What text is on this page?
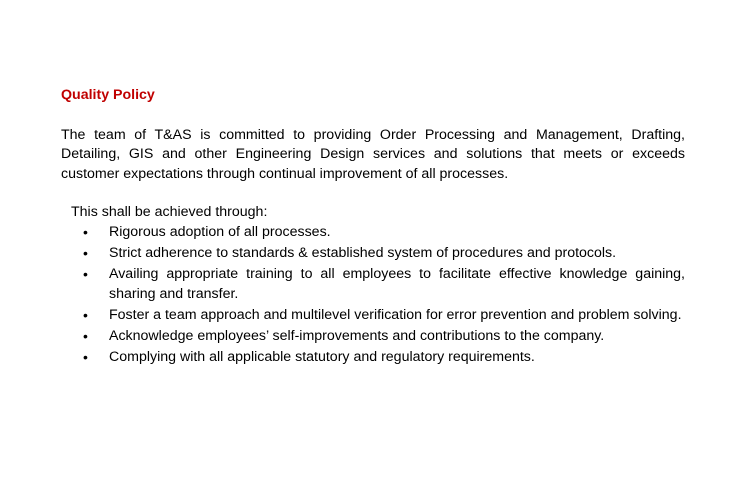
Quality Policy

The team of T&AS is committed to providing Order Processing and Management, Drafting, Detailing, GIS and other Engineering Design services and solutions that meets or exceeds customer expectations through continual improvement of all processes.

This shall be achieved through:

• Rigorous adoption of all processes.
• Strict adherence to standards & established system of procedures and protocols.
• Availing appropriate training to all employees to facilitate effective knowledge gaining, sharing and transfer.
• Foster a team approach and multilevel verification for error prevention and problem solving.
• Acknowledge employees’ self-improvements and contributions to the company.
• Complying with all applicable statutory and regulatory requirements.
